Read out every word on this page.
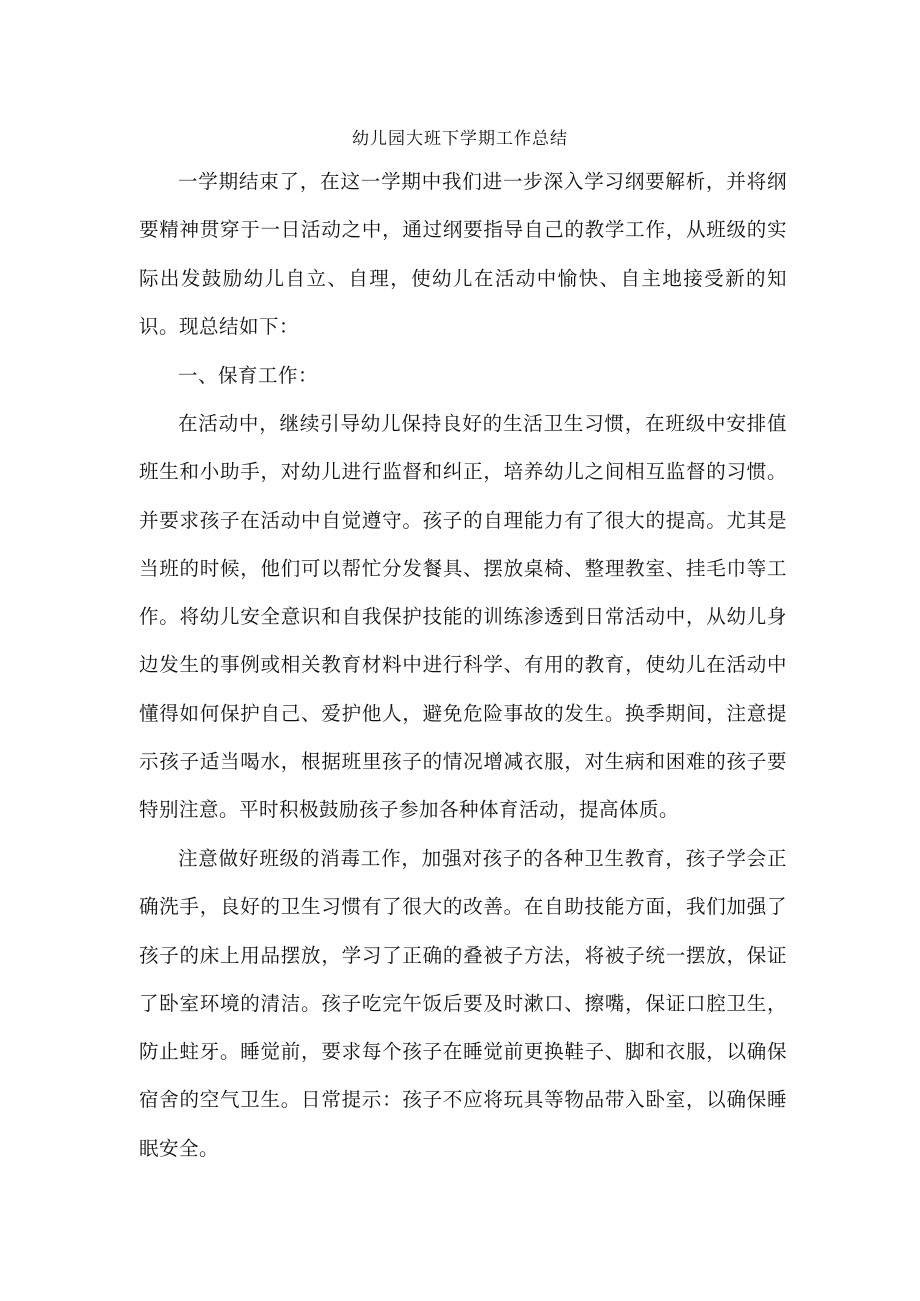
幼儿园大班下学期工作总结

一学期结束了，在这一学期中我们进一步深入学习纲要解析，并将纲要精神贯穿于一日活动之中，通过纲要指导自己的教学工作，从班级的实际出发鼓励幼儿自立、自理，使幼儿在活动中愉快、自主地接受新的知识。现总结如下：

一、保育工作：

在活动中，继续引导幼儿保持良好的生活卫生习惯，在班级中安排值班生和小助手，对幼儿进行监督和纠正，培养幼儿之间相互监督的习惯。并要求孩子在活动中自觉遵守。孩子的自理能力有了很大的提高。尤其是当班的时候，他们可以帮忙分发餐具、摆放桌椅、整理教室、挂毛巾等工作。将幼儿安全意识和自我保护技能的训练渗透到日常活动中，从幼儿身边发生的事例或相关教育材料中进行科学、有用的教育，使幼儿在活动中懂得如何保护自己、爱护他人，避免危险事故的发生。换季期间，注意提示孩子适当喝水，根据班里孩子的情况增减衣服，对生病和困难的孩子要特别注意。平时积极鼓励孩子参加各种体育活动，提高体质。

注意做好班级的消毒工作，加强对孩子的各种卫生教育，孩子学会正确洗手，良好的卫生习惯有了很大的改善。在自助技能方面，我们加强了孩子的床上用品摆放，学习了正确的叠被子方法，将被子统一摆放，保证了卧室环境的清洁。孩子吃完午饭后要及时漱口、擦嘴，保证口腔卫生，防止蛀牙。睡觉前，要求每个孩子在睡觉前更换鞋子、脚和衣服，以确保宿舍的空气卫生。日常提示：孩子不应将玩具等物品带入卧室，以确保睡眠安全。
